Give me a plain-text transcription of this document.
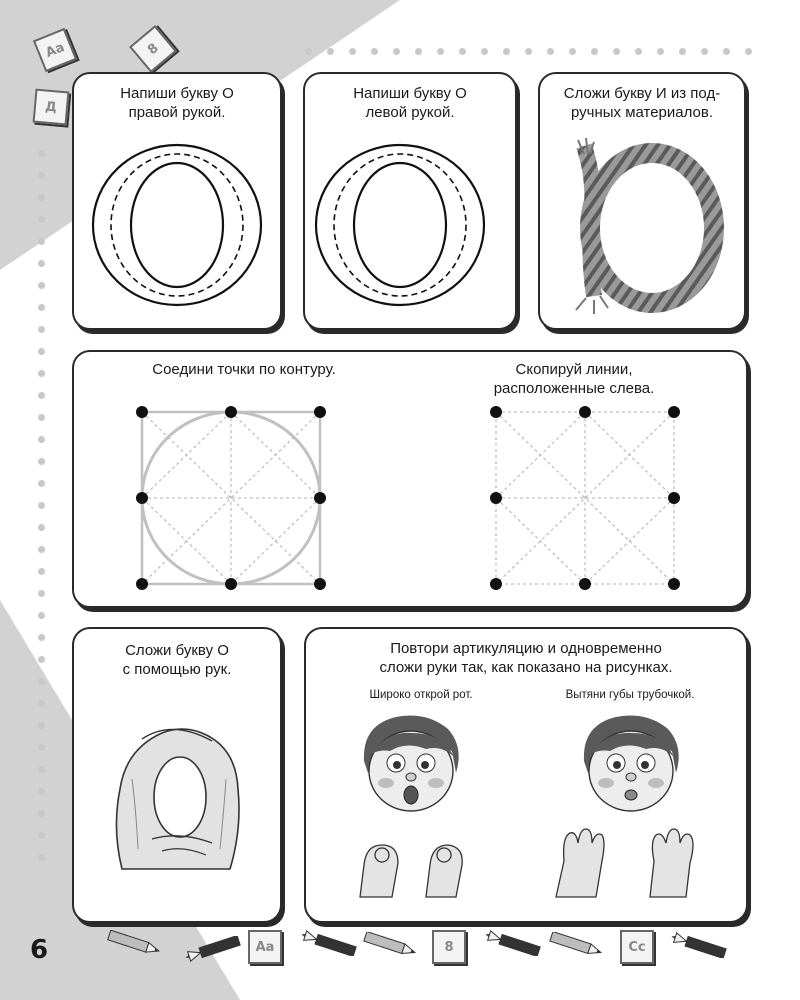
Aa	8
Д
Напиши букву О
правой рукой.
Напиши букву О
левой рукой.
Сложи букву И из под-
ручных материалов.
Соедини точки по контуру.	Скопируй линии,
расположенные слева.
Сложи букву О
с помощью рук.
Повтори артикуляцию и одновременно
сложи руки так, как показано на рисунках.
Широко открой рот.	Вытяни губы трубочкой.
6	Aa	8	Cc
